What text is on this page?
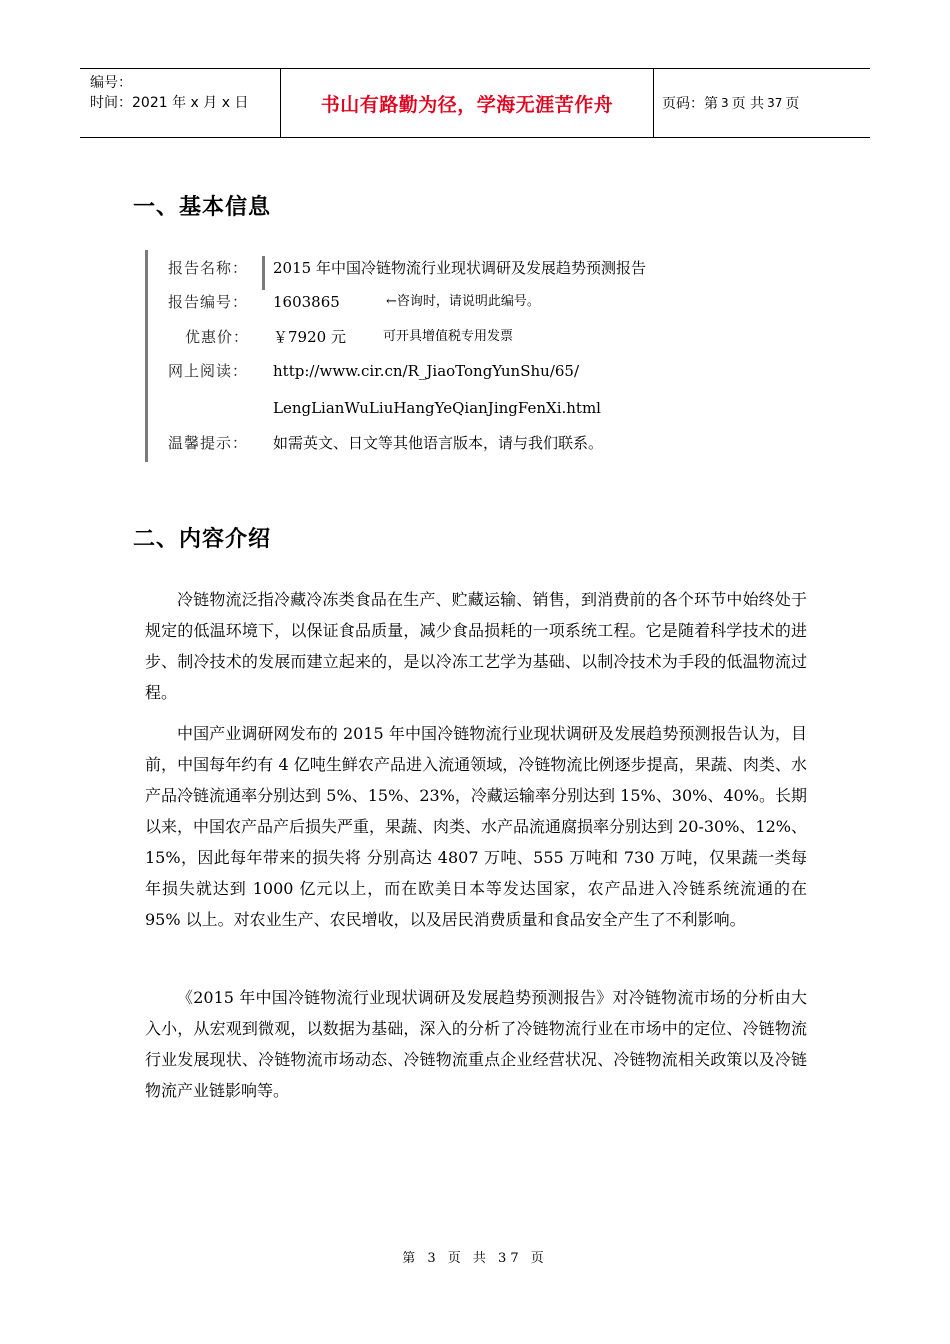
编号：
时间：2021 年 x 月 x 日	书山有路勤为径，学海无涯苦作舟	页码：第 3 页 共 37 页
一、基本信息
报告名称：	2015 年中国冷链物流行业现状调研及发展趋势预测报告
报告编号：	1603865	←咨询时，请说明此编号。
优惠价：	￥7920 元	可开具增值税专用发票
网上阅读：	http://www.cir.cn/R_JiaoTongYunShu/65/
LengLianWuLiuHangYeQianJingFenXi.html
温馨提示：	如需英文、日文等其他语言版本，请与我们联系。
二、内容介绍

冷链物流泛指冷藏冷冻类食品在生产、贮藏运输、销售，到消费前的各个环节中始终处于规定的低温环境下，以保证食品质量，减少食品损耗的一项系统工程。它是随着科学技术的进步、制冷技术的发展而建立起来的，是以冷冻工艺学为基础、以制冷技术为手段的低温物流过程。

中国产业调研网发布的 2015 年中国冷链物流行业现状调研及发展趋势预测报告认为，目 前，中国每年约有 4 亿吨生鲜农产品进入流通领域，冷链物流比例逐步提高，果蔬、肉类、水产品冷链流通率分别达到 5%、15%、23%，冷藏运输率分别达到 15%、30%、40%。长期以来，中国农产品产后损失严重，果蔬、肉类、水产品流通腐损率分别达到 20-30%、12%、15%，因此每年带来的损失将 分别高达 4807 万吨、555 万吨和 730 万吨，仅果蔬一类每年损失就达到 1000 亿元以上，而在欧美日本等发达国家，农产品进入冷链系统流通的在 95% 以上。对农业生产、农民增收，以及居民消费质量和食品安全产生了不利影响。

《2015 年中国冷链物流行业现状调研及发展趋势预测报告》对冷链物流市场的分析由大入小，从宏观到微观，以数据为基础，深入的分析了冷链物流行业在市场中的定位、冷链物流行业发展现状、冷链物流市场动态、冷链物流重点企业经营状况、冷链物流相关政策以及冷链物流产业链影响等。

第 3 页 共 37 页
